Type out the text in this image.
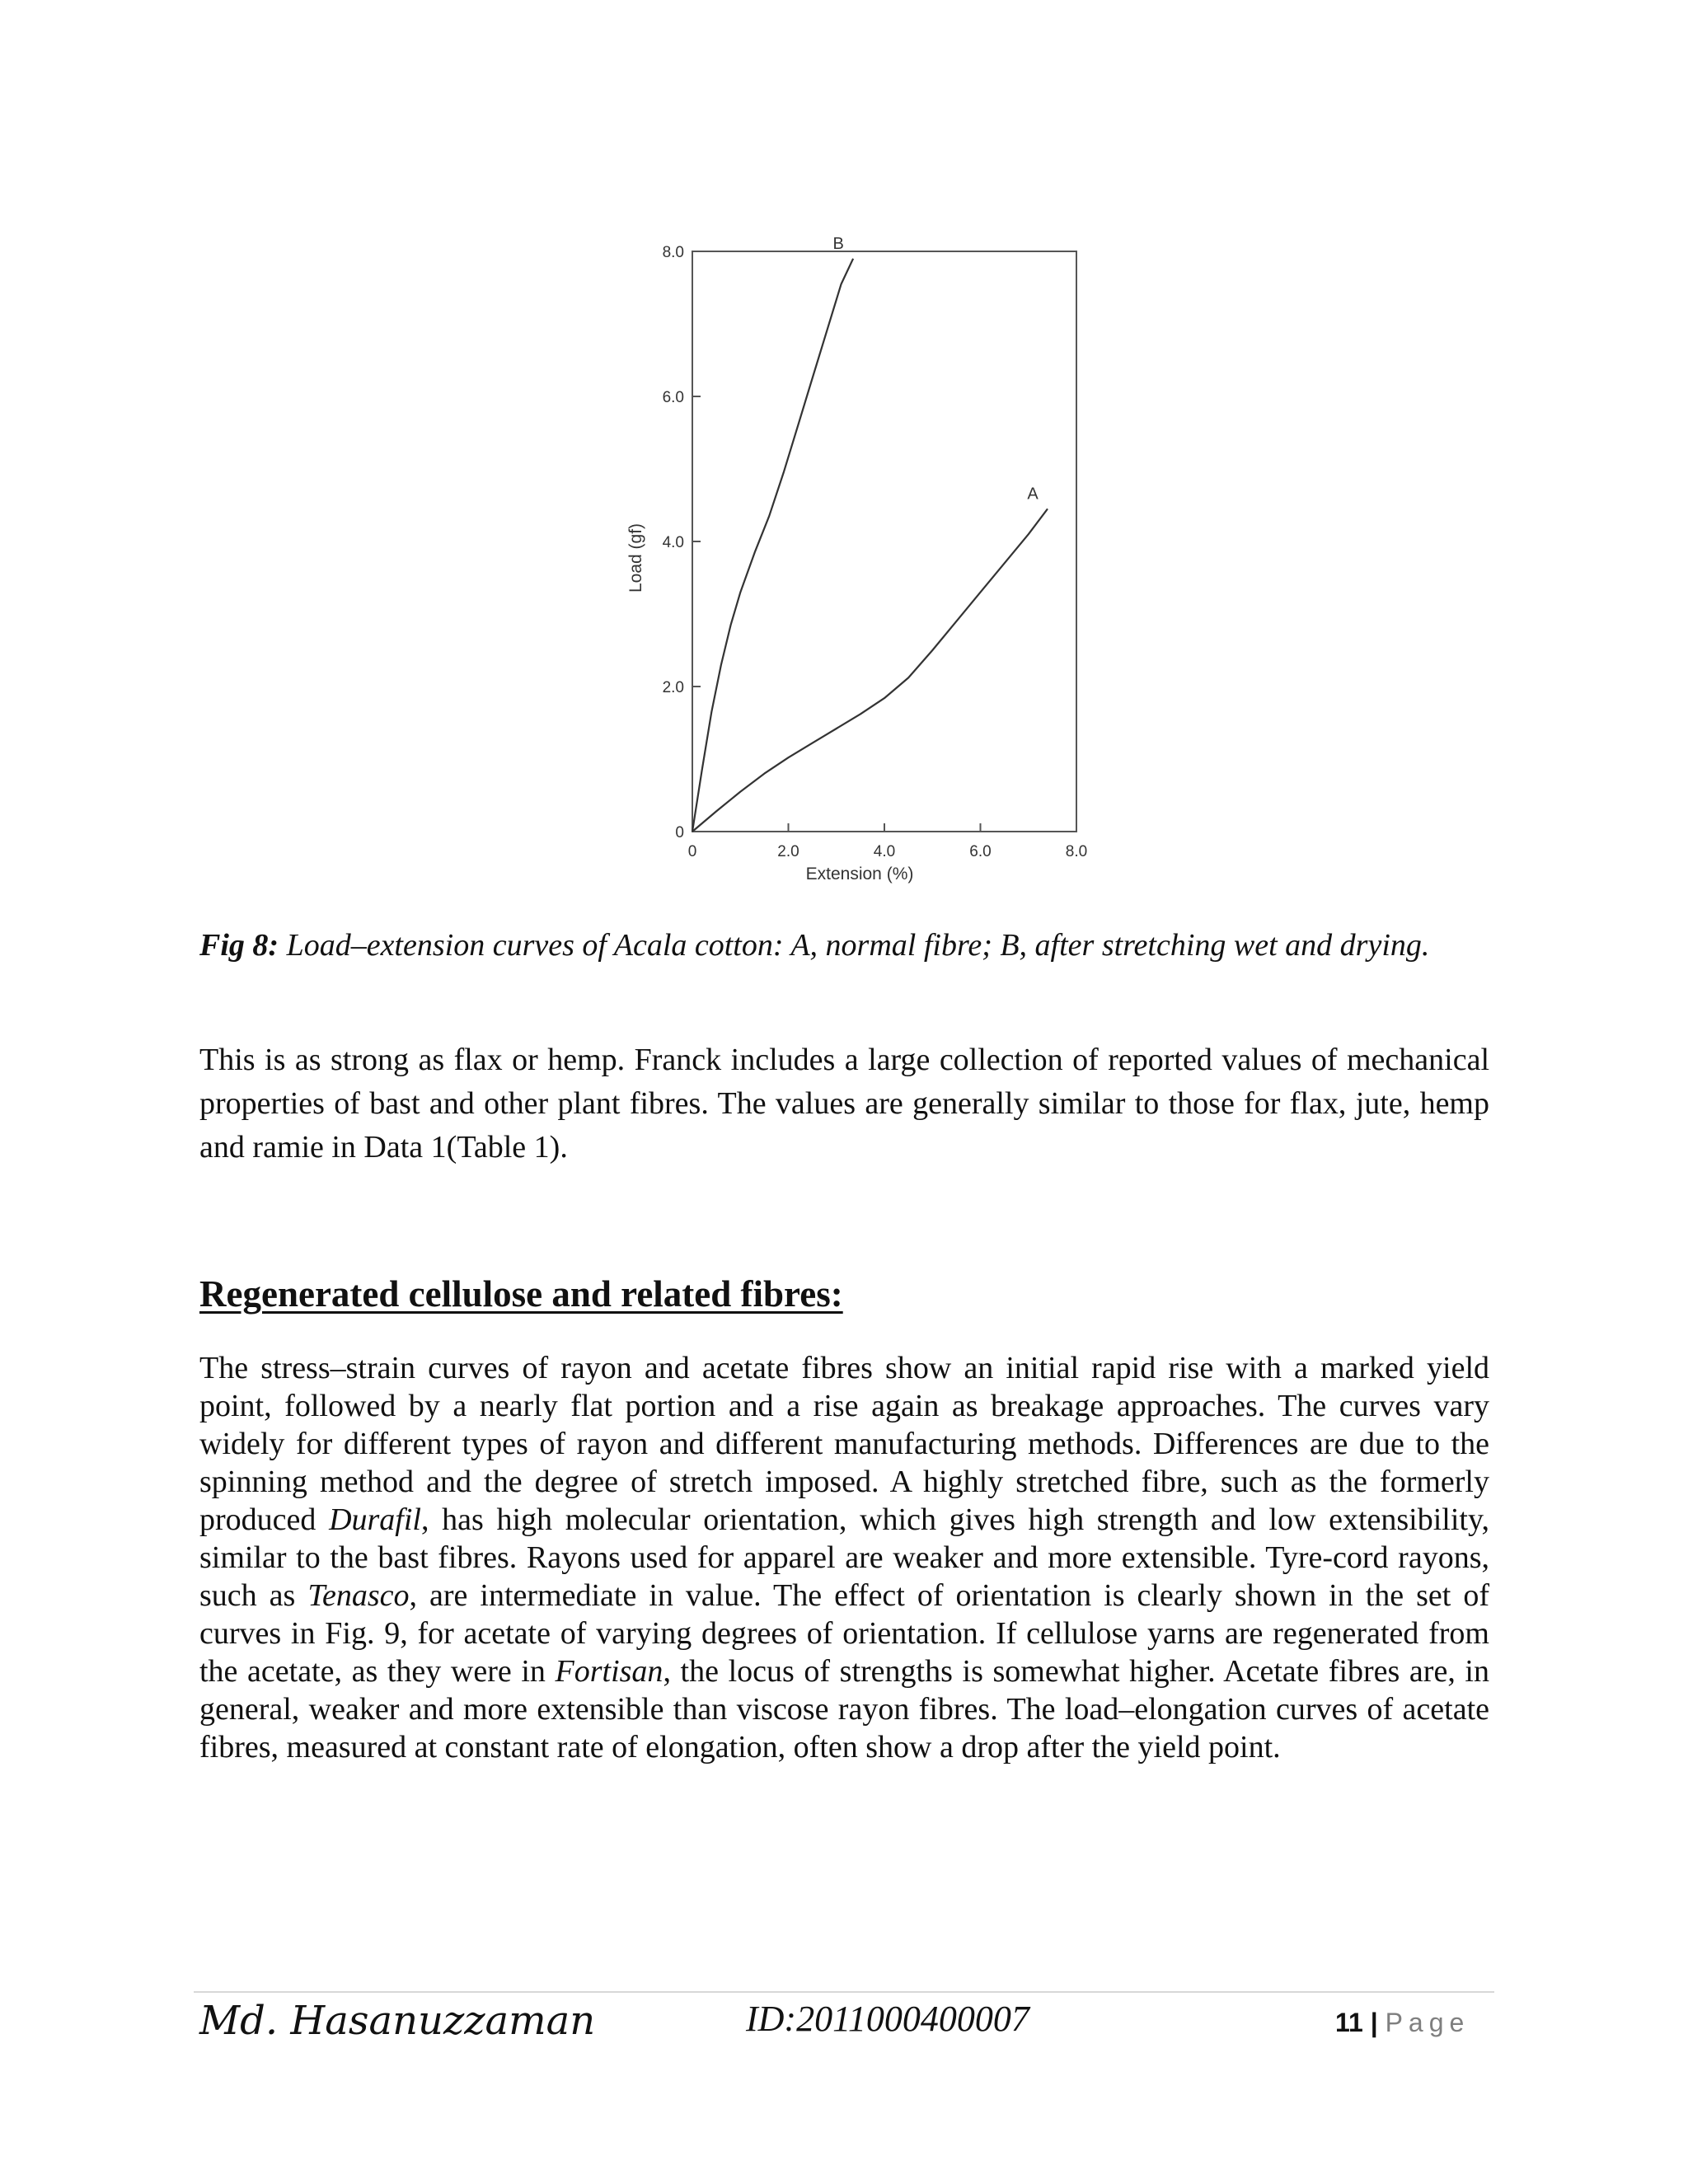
0	2.0	4.0	6.0	8.0
0
2.0
4.0
6.0
8.0
Extension (%)
Load (gf)
A
B
Fig 8: Load–extension curves of Acala cotton: A, normal fibre; B, after stretching wet and drying.
This is as strong as flax or hemp. Franck includes a large collection of reported values of mechanical properties of bast and other plant fibres. The values are generally similar to those for flax, jute, hemp and ramie in Data 1(Table 1).
Regenerated cellulose and related fibres:
The stress–strain curves of rayon and acetate fibres show an initial rapid rise with a marked yield point, followed by a nearly flat portion and a rise again as breakage approaches. The curves vary widely for different types of rayon and different manufacturing methods. Differences are due to the spinning method and the degree of stretch imposed. A highly stretched fibre, such as the formerly produced Durafil, has high molecular orientation, which gives high strength and low extensibility, similar to the bast fibres. Rayons used for apparel are weaker and more extensible. Tyre-cord rayons, such as Tenasco, are intermediate in value. The effect of orientation is clearly shown in the set of curves in Fig. 9, for acetate of varying degrees of orientation. If cellulose yarns are regenerated from the acetate, as they were in Fortisan, the locus of strengths is somewhat higher. Acetate fibres are, in general, weaker and more extensible than viscose rayon fibres. The load–elongation curves of acetate fibres, measured at constant rate of elongation, often show a drop after the yield point.
Md. Hasanuzzaman	ID:2011000400007	11 | Page
